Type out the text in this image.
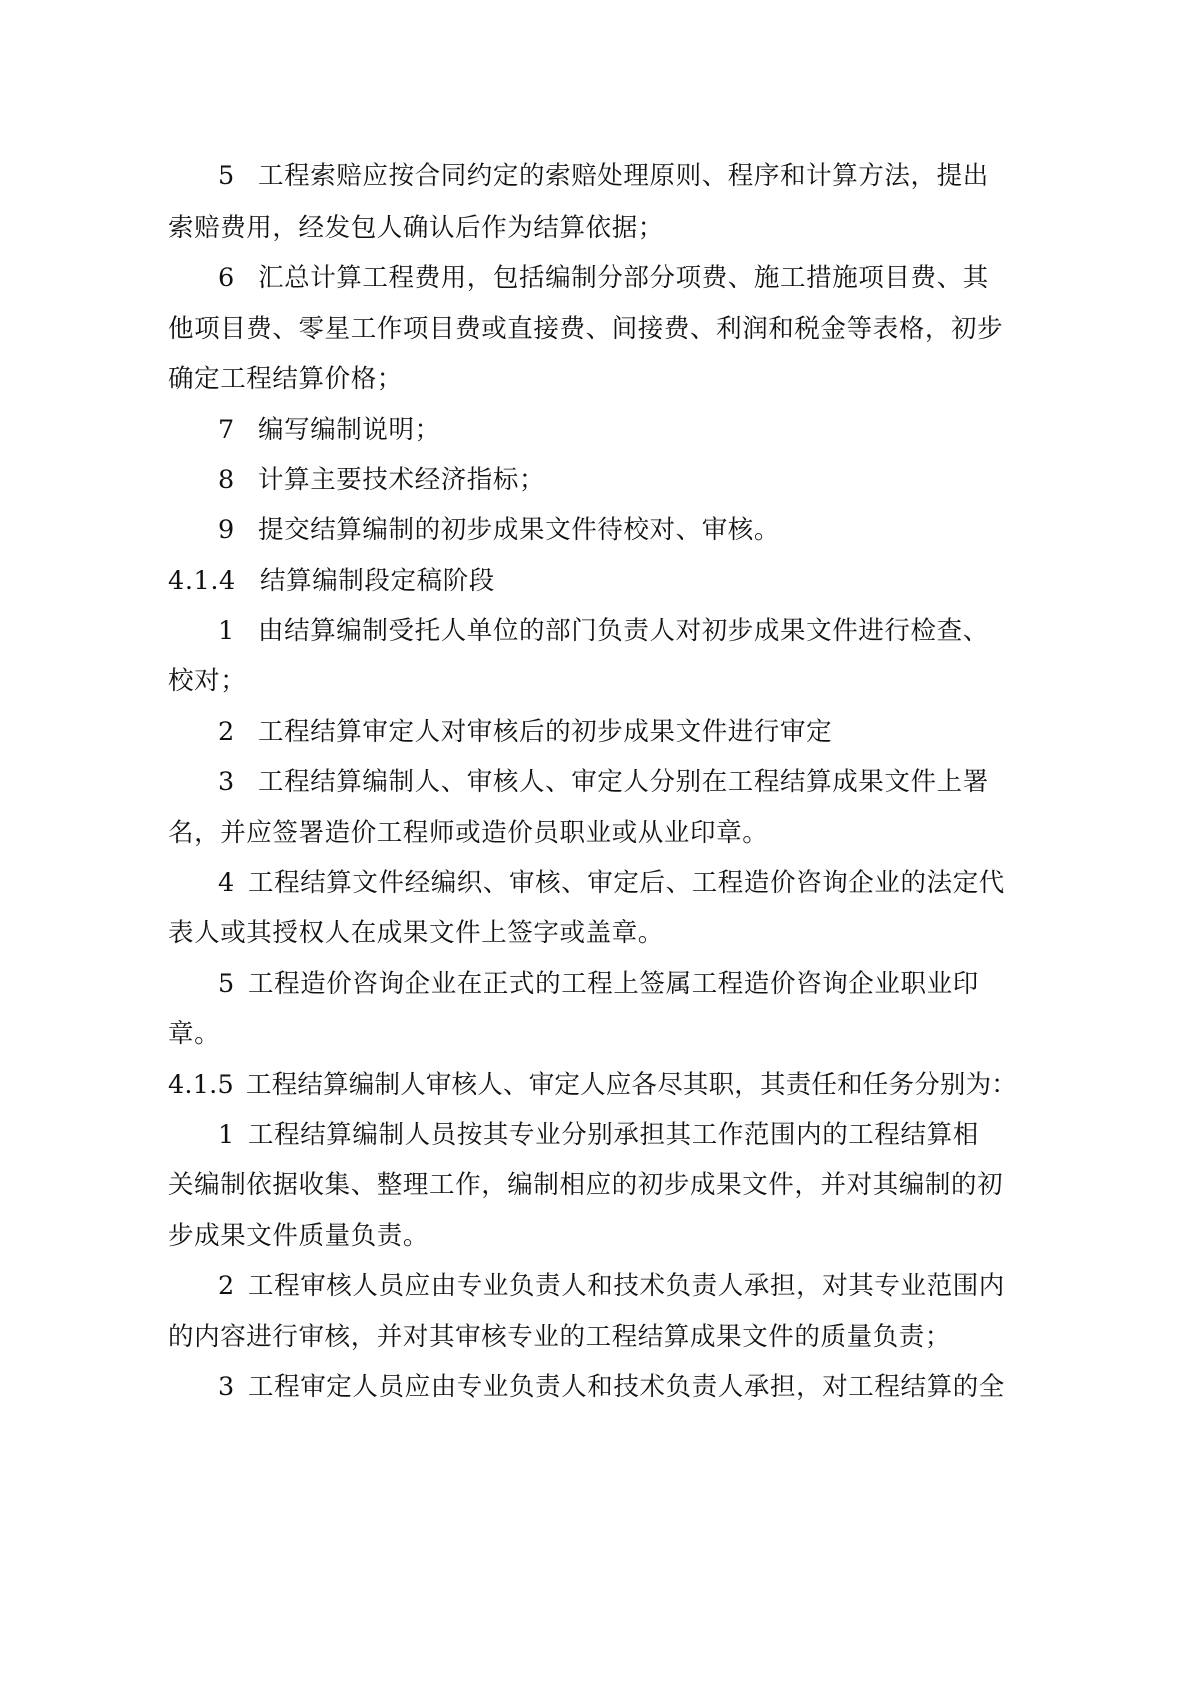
5 工程索赔应按合同约定的索赔处理原则、程序和计算方法，提出
索赔费用，经发包人确认后作为结算依据；
6 汇总计算工程费用，包括编制分部分项费、施工措施项目费、其
他项目费、零星工作项目费或直接费、间接费、利润和税金等表格，初步
确定工程结算价格；
7 编写编制说明；
8 计算主要技术经济指标；
9 提交结算编制的初步成果文件待校对、审核。
4.1.4 结算编制段定稿阶段
1 由结算编制受托人单位的部门负责人对初步成果文件进行检查、
校对；
2 工程结算审定人对审核后的初步成果文件进行审定
3 工程结算编制人、审核人、审定人分别在工程结算成果文件上署
名，并应签署造价工程师或造价员职业或从业印章。
4 工程结算文件经编织、审核、审定后、工程造价咨询企业的法定代
表人或其授权人在成果文件上签字或盖章。
5 工程造价咨询企业在正式的工程上签属工程造价咨询企业职业印
章。
4.1.5 工程结算编制人审核人、审定人应各尽其职，其责任和任务分别为：
1 工程结算编制人员按其专业分别承担其工作范围内的工程结算相
关编制依据收集、整理工作，编制相应的初步成果文件，并对其编制的初
步成果文件质量负责。
2 工程审核人员应由专业负责人和技术负责人承担，对其专业范围内
的内容进行审核，并对其审核专业的工程结算成果文件的质量负责；
3 工程审定人员应由专业负责人和技术负责人承担，对工程结算的全
